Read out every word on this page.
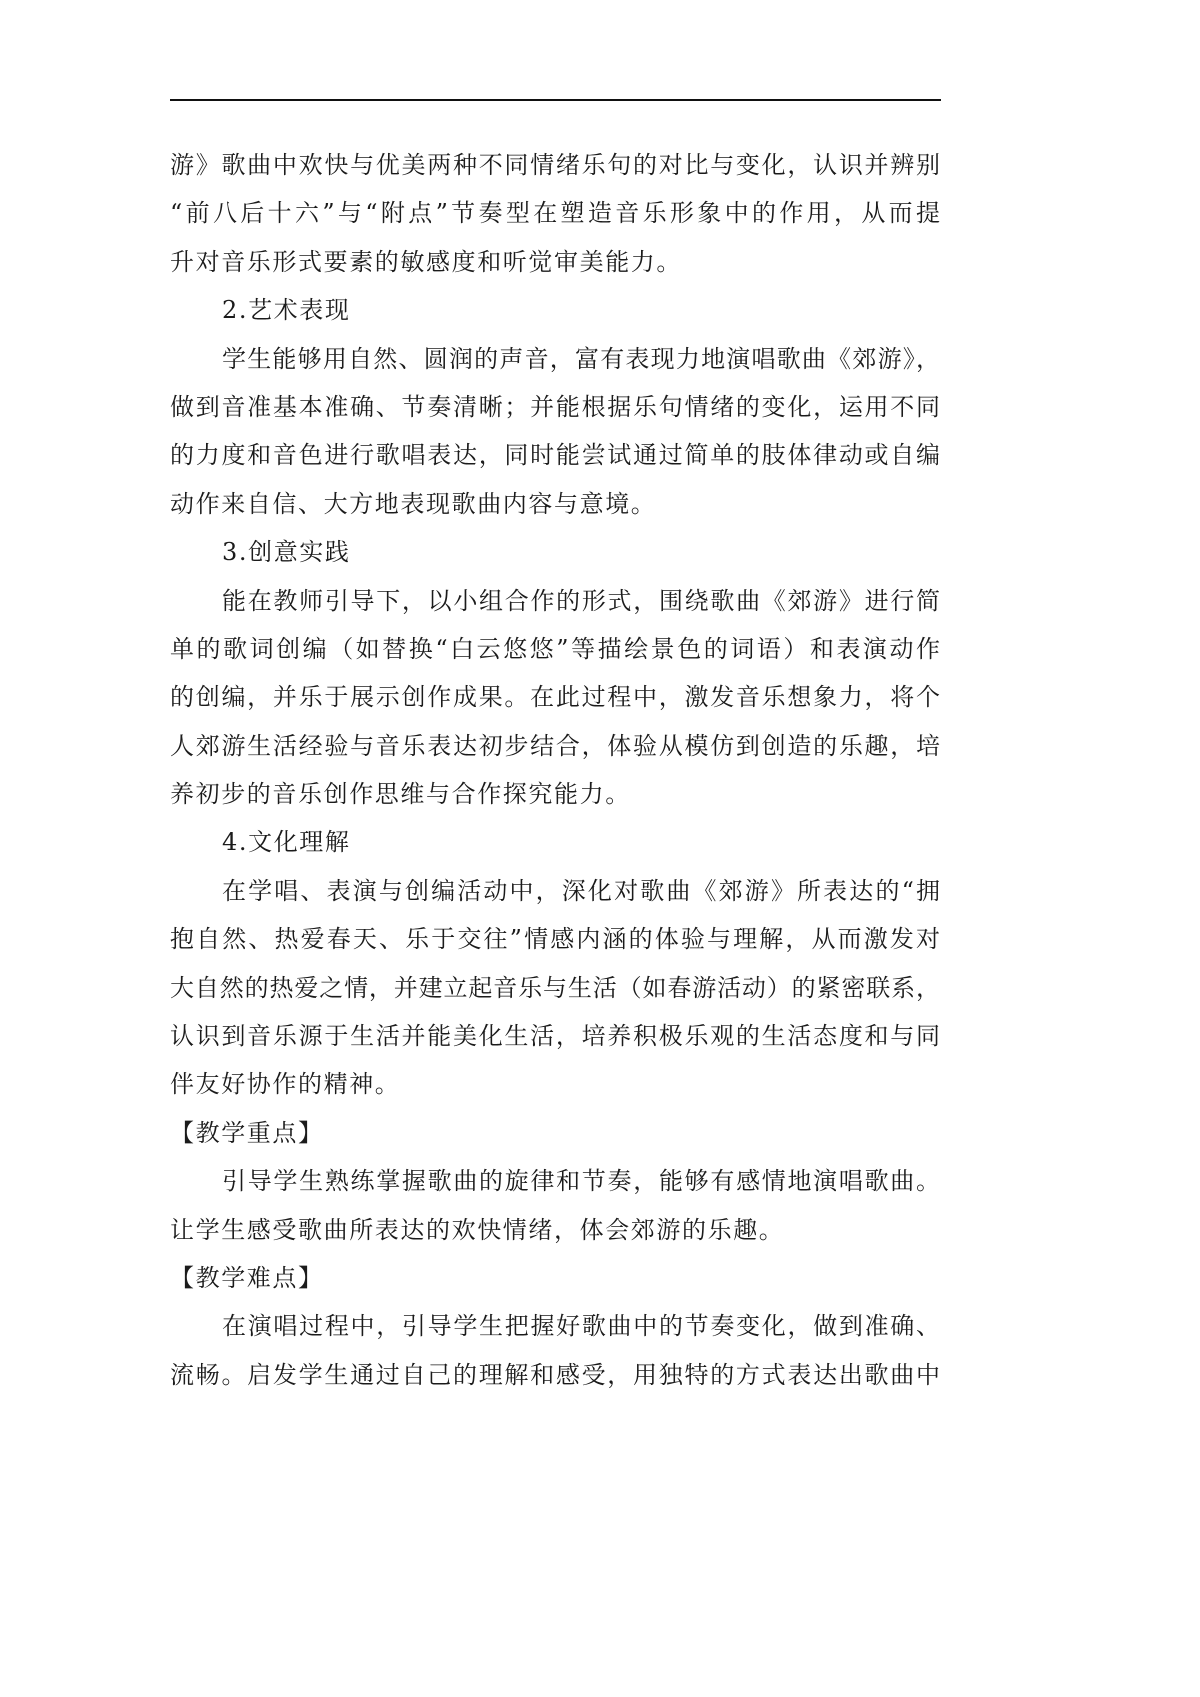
游》歌曲中欢快与优美两种不同情绪乐句的对比与变化，认识并辨别
“前八后十六”与“附点”节奏型在塑造音乐形象中的作用，从而提
升对音乐形式要素的敏感度和听觉审美能力。
2.艺术表现
学生能够用自然、圆润的声音，富有表现力地演唱歌曲《郊游》，
做到音准基本准确、节奏清晰；并能根据乐句情绪的变化，运用不同
的力度和音色进行歌唱表达，同时能尝试通过简单的肢体律动或自编
动作来自信、大方地表现歌曲内容与意境。
3.创意实践
能在教师引导下，以小组合作的形式，围绕歌曲《郊游》进行简
单的歌词创编（如替换“白云悠悠”等描绘景色的词语）和表演动作
的创编，并乐于展示创作成果。在此过程中，激发音乐想象力，将个
人郊游生活经验与音乐表达初步结合，体验从模仿到创造的乐趣，培
养初步的音乐创作思维与合作探究能力。
4.文化理解
在学唱、表演与创编活动中，深化对歌曲《郊游》所表达的“拥
抱自然、热爱春天、乐于交往”情感内涵的体验与理解，从而激发对
大自然的热爱之情，并建立起音乐与生活（如春游活动）的紧密联系，
认识到音乐源于生活并能美化生活，培养积极乐观的生活态度和与同
伴友好协作的精神。
【教学重点】
引导学生熟练掌握歌曲的旋律和节奏，能够有感情地演唱歌曲。
让学生感受歌曲所表达的欢快情绪，体会郊游的乐趣。
【教学难点】
在演唱过程中，引导学生把握好歌曲中的节奏变化，做到准确、
流畅。启发学生通过自己的理解和感受，用独特的方式表达出歌曲中
